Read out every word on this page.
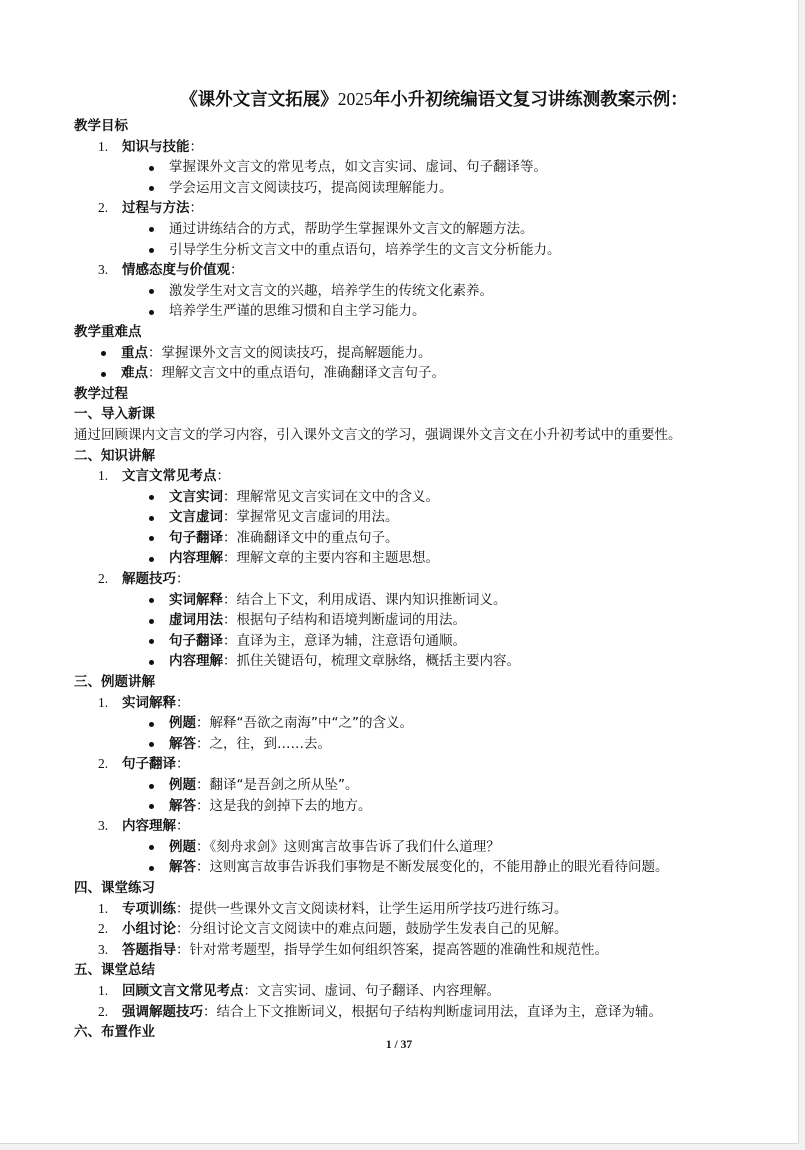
《课外文言文拓展》2025年小升初统编语文复习讲练测教案示例：
教学目标
1. 知识与技能：
掌握课外文言文的常见考点，如文言实词、虚词、句子翻译等。
学会运用文言文阅读技巧，提高阅读理解能力。
2. 过程与方法：
通过讲练结合的方式，帮助学生掌握课外文言文的解题方法。
引导学生分析文言文中的重点语句，培养学生的文言文分析能力。
3. 情感态度与价值观：
激发学生对文言文的兴趣，培养学生的传统文化素养。
培养学生严谨的思维习惯和自主学习能力。
教学重难点
重点：掌握课外文言文的阅读技巧，提高解题能力。
难点：理解文言文中的重点语句，准确翻译文言句子。
教学过程
一、导入新课
通过回顾课内文言文的学习内容，引入课外文言文的学习，强调课外文言文在小升初考试中的重要性。
二、知识讲解
1. 文言文常见考点：
文言实词：理解常见文言实词在文中的含义。
文言虚词：掌握常见文言虚词的用法。
句子翻译：准确翻译文中的重点句子。
内容理解：理解文章的主要内容和主题思想。
2. 解题技巧：
实词解释：结合上下文，利用成语、课内知识推断词义。
虚词用法：根据句子结构和语境判断虚词的用法。
句子翻译：直译为主，意译为辅，注意语句通顺。
内容理解：抓住关键语句，梳理文章脉络，概括主要内容。
三、例题讲解
1. 实词解释：
例题：解释“吾欲之南海”中“之”的含义。
解答：之，往，到……去。
2. 句子翻译：
例题：翻译“是吾剑之所从坠”。
解答：这是我的剑掉下去的地方。
3. 内容理解：
例题：《刻舟求剑》这则寓言故事告诉了我们什么道理？
解答：这则寓言故事告诉我们事物是不断发展变化的，不能用静止的眼光看待问题。
四、课堂练习
1. 专项训练：提供一些课外文言文阅读材料，让学生运用所学技巧进行练习。
2. 小组讨论：分组讨论文言文阅读中的难点问题，鼓励学生发表自己的见解。
3. 答题指导：针对常考题型，指导学生如何组织答案，提高答题的准确性和规范性。
五、课堂总结
1. 回顾文言文常见考点：文言实词、虚词、句子翻译、内容理解。
2. 强调解题技巧：结合上下文推断词义，根据句子结构判断虚词用法，直译为主，意译为辅。
六、布置作业
1 / 37
